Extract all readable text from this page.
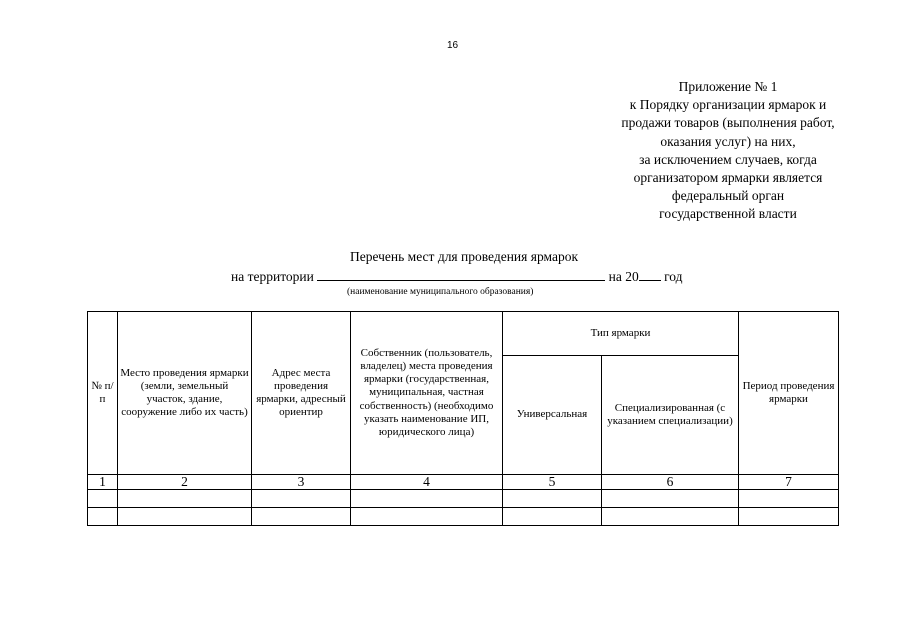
16
Приложение № 1
к Порядку организации ярмарок и
продажи товаров (выполнения работ,
оказания услуг) на них,
за исключением случаев, когда
организатором ярмарки является
федеральный орган
государственной власти
Перечень мест для проведения ярмарок
на территории	на 20 год
(наименование муниципального образования)
№ п/п	Место проведения ярмарки (земли, земельный участок, здание, сооружение либо их часть)	Адрес места проведения ярмарки, адресный ориентир	Собственник (пользователь, владелец) места проведения ярмарки (государственная, муниципальная, частная собственность) (необходимо указать наименование ИП, юридического лица)	Тип ярмарки		Период проведения ярмарки
				Универсальная	Специализированная (с указанием специализации)	
1	2	3	4	5	6	7
